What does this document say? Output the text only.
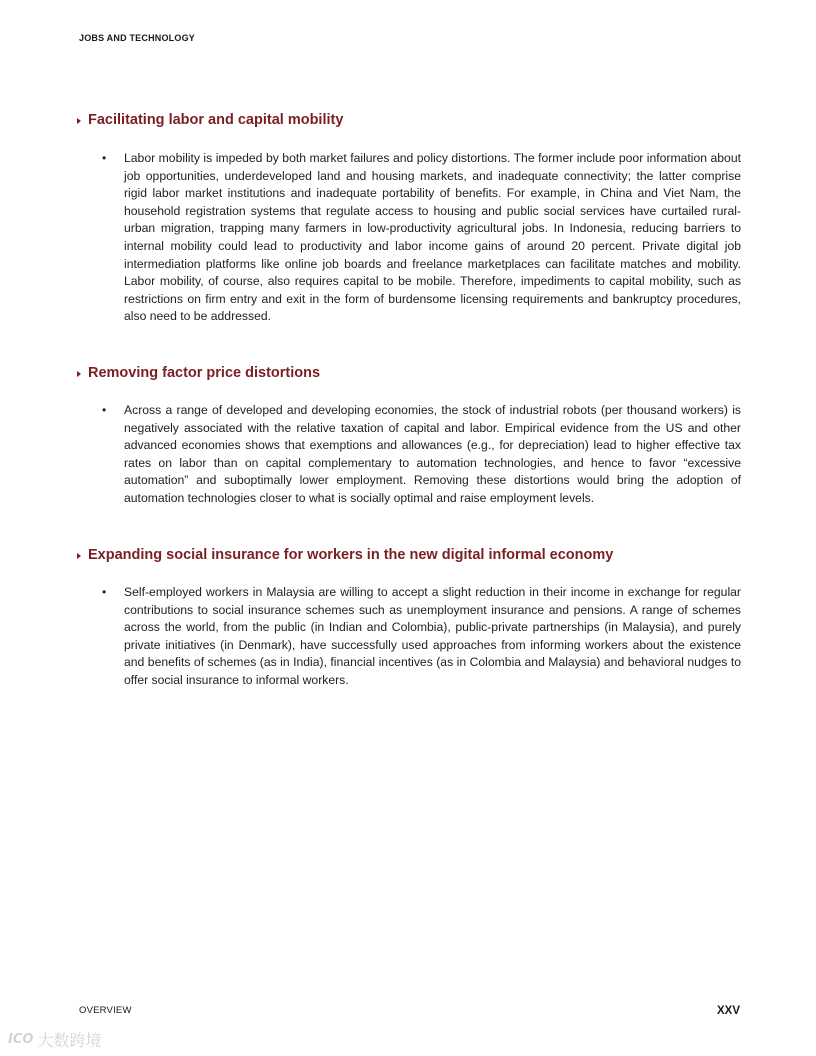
JOBS AND TECHNOLOGY
Facilitating labor and capital mobility
• Labor mobility is impeded by both market failures and policy distortions. The former include poor information about job opportunities, underdeveloped land and housing markets, and inadequate connectivity; the latter comprise rigid labor market institutions and inadequate portability of benefits. For example, in China and Viet Nam, the household registration systems that regulate access to housing and public social services have curtailed rural-urban migration, trapping many farmers in low-productivity agricultural jobs. In Indonesia, reducing barriers to internal mobility could lead to productivity and labor income gains of around 20 percent. Private digital job intermediation platforms like online job boards and freelance marketplaces can facilitate matches and mobility. Labor mobility, of course, also requires capital to be mobile. Therefore, impediments to capital mobility, such as restrictions on firm entry and exit in the form of burdensome licensing requirements and bankruptcy procedures, also need to be addressed.
Removing factor price distortions
• Across a range of developed and developing economies, the stock of industrial robots (per thousand workers) is negatively associated with the relative taxation of capital and labor. Empirical evidence from the US and other advanced economies shows that exemptions and allowances (e.g., for depreciation) lead to higher effective tax rates on labor than on capital complementary to automation technologies, and hence to favor “excessive automation” and suboptimally lower employment. Removing these distortions would bring the adoption of automation technologies closer to what is socially optimal and raise employment levels.
Expanding social insurance for workers in the new digital informal economy
• Self-employed workers in Malaysia are willing to accept a slight reduction in their income in exchange for regular contributions to social insurance schemes such as unemployment insurance and pensions. A range of schemes across the world, from the public (in Indian and Colombia), public-private partnerships (in Malaysia), and purely private initiatives (in Denmark), have successfully used approaches from informing workers about the existence and benefits of schemes (as in India), financial incentives (as in Colombia and Malaysia) and behavioral nudges to offer social insurance to informal workers.
OVERVIEW	XXV
ICO 大数跨境
